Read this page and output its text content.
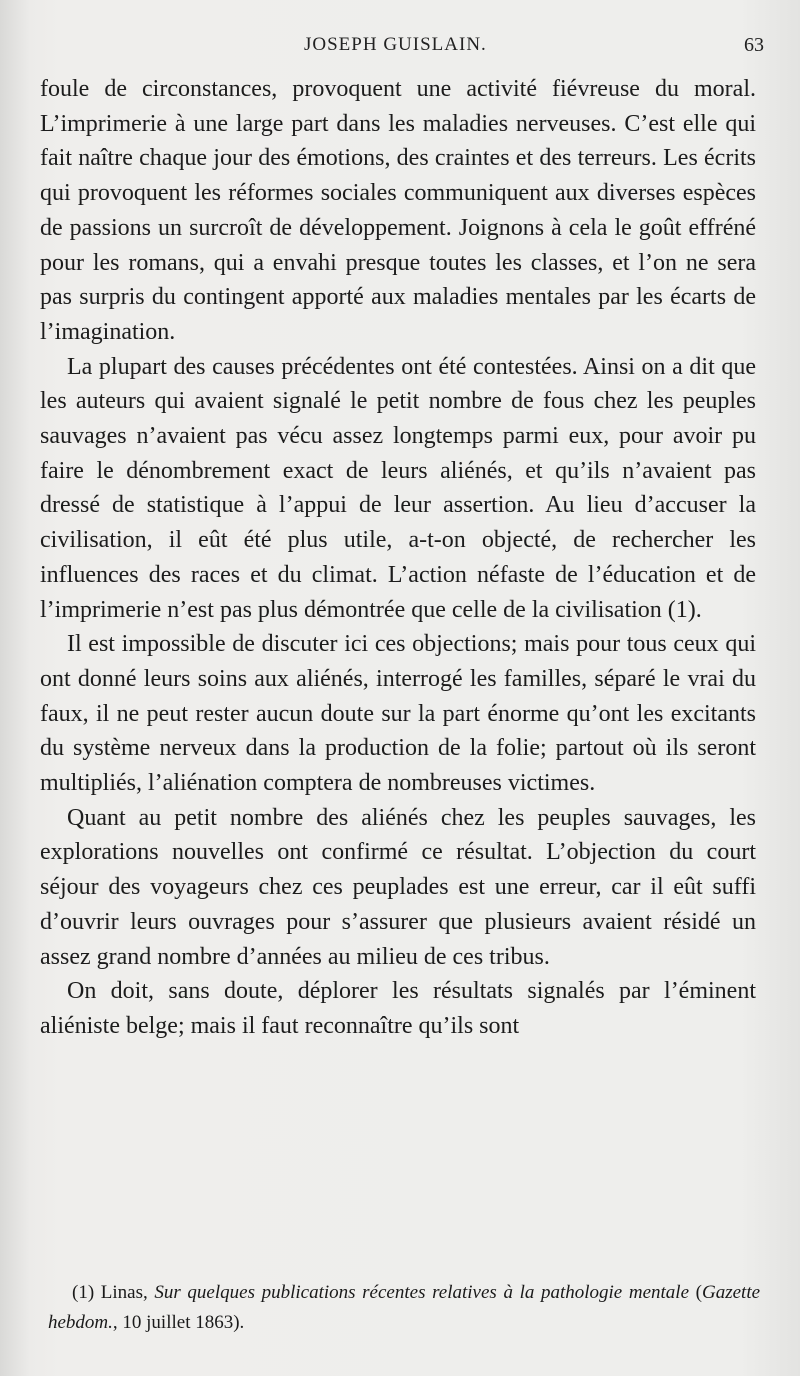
JOSEPH GUISLAIN.	63

foule de circonstances, provoquent une activité fiévreuse du moral. L’imprimerie à une large part dans les maladies nerveuses. C’est elle qui fait naître chaque jour des émotions, des craintes et des terreurs. Les écrits qui provoquent les réformes sociales communiquent aux diverses espèces de passions un surcroît de développement. Joignons à cela le goût effréné pour les romans, qui a envahi presque toutes les classes, et l’on ne sera pas surpris du contingent apporté aux maladies mentales par les écarts de l’imagination.

La plupart des causes précédentes ont été contestées. Ainsi on a dit que les auteurs qui avaient signalé le petit nombre de fous chez les peuples sauvages n’avaient pas vécu assez longtemps parmi eux, pour avoir pu faire le dénombrement exact de leurs aliénés, et qu’ils n’avaient pas dressé de statistique à l’appui de leur assertion. Au lieu d’accuser la civilisation, il eût été plus utile, a-t-on objecté, de rechercher les influences des races et du climat. L’action néfaste de l’éducation et de l’imprimerie n’est pas plus démontrée que celle de la civilisation (1).

Il est impossible de discuter ici ces objections; mais pour tous ceux qui ont donné leurs soins aux aliénés, interrogé les familles, séparé le vrai du faux, il ne peut rester aucun doute sur la part énorme qu’ont les excitants du système nerveux dans la production de la folie; partout où ils seront multipliés, l’aliénation comptera de nombreuses victimes.

Quant au petit nombre des aliénés chez les peuples sauvages, les explorations nouvelles ont confirmé ce résultat. L’objection du court séjour des voyageurs chez ces peuplades est une erreur, car il eût suffi d’ouvrir leurs ouvrages pour s’assurer que plusieurs avaient résidé un assez grand nombre d’années au milieu de ces tribus.

On doit, sans doute, déplorer les résultats signalés par l’éminent aliéniste belge; mais il faut reconnaître qu’ils sont

(1) Linas, Sur quelques publications récentes relatives à la pathologie mentale (Gazette hebdom., 10 juillet 1863).
